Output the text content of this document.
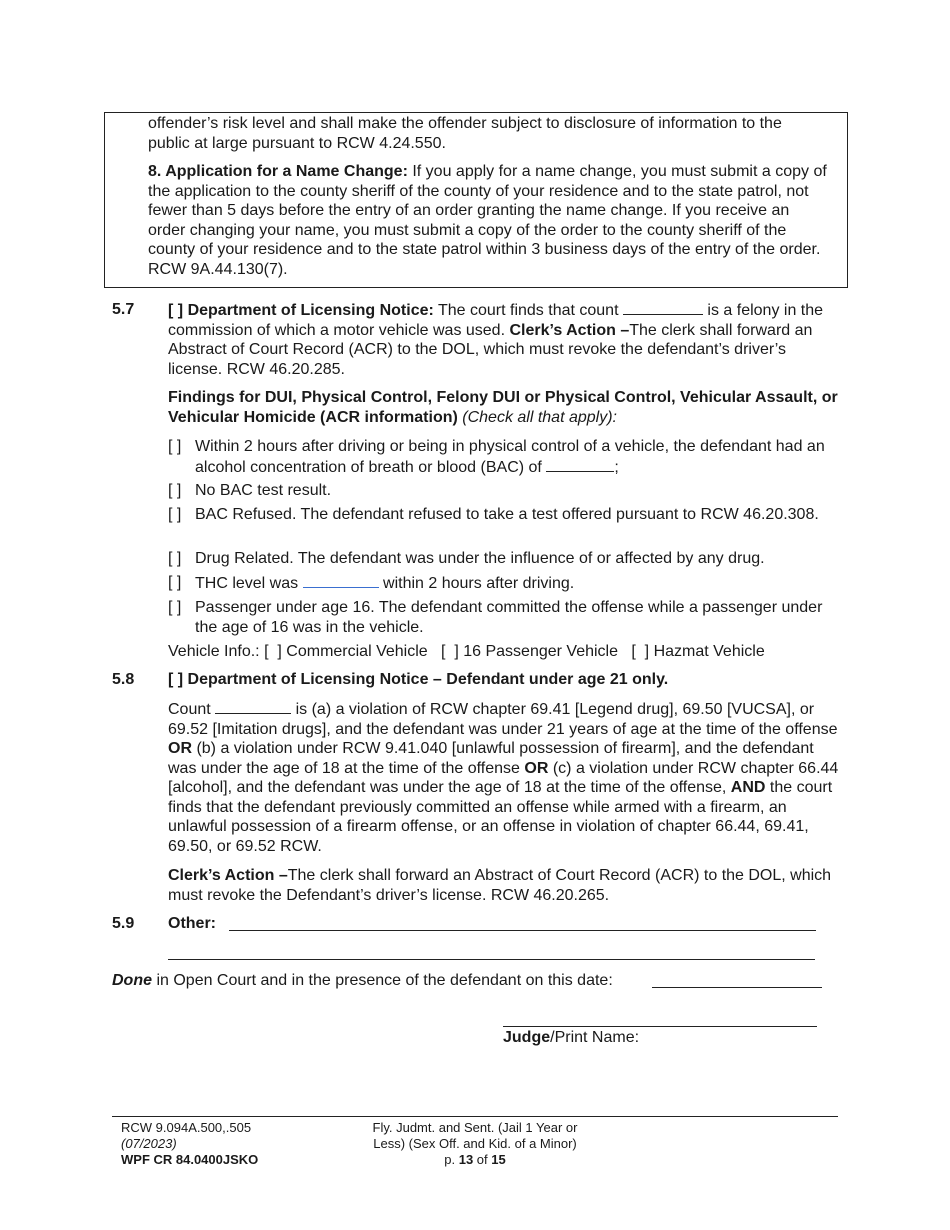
offender’s risk level and shall make the offender subject to disclosure of information to the public at large pursuant to RCW 4.24.550.

8. Application for a Name Change: If you apply for a name change, you must submit a copy of the application to the county sheriff of the county of your residence and to the state patrol, not fewer than 5 days before the entry of an order granting the name change. If you receive an order changing your name, you must submit a copy of the order to the county sheriff of the county of your residence and to the state patrol within 3 business days of the entry of the order. RCW 9A.44.130(7).

5.7 [ ] Department of Licensing Notice: The court finds that count	is a felony in the commission of which a motor vehicle was used. Clerk’s Action –The clerk shall forward an Abstract of Court Record (ACR) to the DOL, which must revoke the defendant’s driver’s license. RCW 46.20.285.

Findings for DUI, Physical Control, Felony DUI or Physical Control, Vehicular Assault, or Vehicular Homicide (ACR information) (Check all that apply):

[ ] Within 2 hours after driving or being in physical control of a vehicle, the defendant had an alcohol concentration of breath or blood (BAC) of	;
[ ] No BAC test result.
[ ] BAC Refused. The defendant refused to take a test offered pursuant to RCW 46.20.308.
[ ] Drug Related. The defendant was under the influence of or affected by any drug.
[ ] THC level was	within 2 hours after driving.
[ ] Passenger under age 16. The defendant committed the offense while a passenger under the age of 16 was in the vehicle.

Vehicle Info.: [  ] Commercial Vehicle   [  ] 16 Passenger Vehicle   [  ] Hazmat Vehicle

5.8 [ ] Department of Licensing Notice – Defendant under age 21 only.

Count	is (a) a violation of RCW chapter 69.41 [Legend drug], 69.50 [VUCSA], or 69.52 [Imitation drugs], and the defendant was under 21 years of age at the time of the offense OR (b) a violation under RCW 9.41.040 [unlawful possession of firearm], and the defendant was under the age of 18 at the time of the offense OR (c) a violation under RCW chapter 66.44 [alcohol], and the defendant was under the age of 18 at the time of the offense, AND the court finds that the defendant previously committed an offense while armed with a firearm, an unlawful possession of a firearm offense, or an offense in violation of chapter 66.44, 69.41, 69.50, or 69.52 RCW.

Clerk’s Action –The clerk shall forward an Abstract of Court Record (ACR) to the DOL, which must revoke the Defendant’s driver’s license. RCW 46.20.265.

5.9 Other:
Done in Open Court and in the presence of the defendant on this date:
Judge/Print Name:
RCW 9.094A.500,.505
(07/2023)
WPF CR 84.0400JSKO
Fly. Judmt. and Sent. (Jail 1 Year or
Less) (Sex Off. and Kid. of a Minor)
p. 13 of 15
